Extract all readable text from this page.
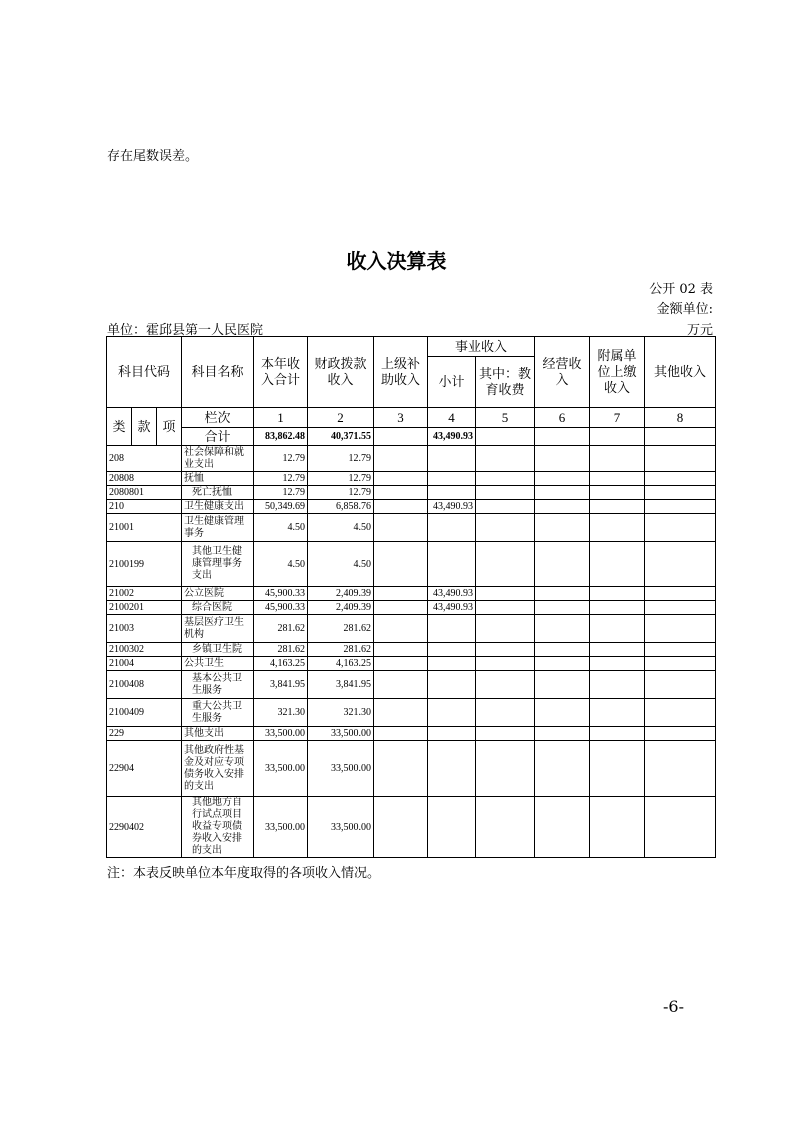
存在尾数误差。
收入决算表
公开 02 表
金额单位:
单位：霍邱县第一人民医院	万元
科目代码			科目名称	本年收入合计	财政拨款收入	上级补助收入	事业收入		经营收入	附属单位上缴收入	其他收入
							小计	其中：教育收费			
类	款	项	栏次	1	2	3	4	5	6	7	8
			合计	83,862.48	40,371.55		43,490.93				
208			社会保障和就业支出	12.79	12.79						
20808			抚恤	12.79	12.79						
2080801			死亡抚恤	12.79	12.79						
210			卫生健康支出	50,349.69	6,858.76		43,490.93				
21001			卫生健康管理事务	4.50	4.50						
2100199			其他卫生健康管理事务支出	4.50	4.50						
21002			公立医院	45,900.33	2,409.39		43,490.93				
2100201			综合医院	45,900.33	2,409.39		43,490.93				
21003			基层医疗卫生机构	281.62	281.62						
2100302			乡镇卫生院	281.62	281.62						
21004			公共卫生	4,163.25	4,163.25						
2100408			基本公共卫生服务	3,841.95	3,841.95						
2100409			重大公共卫生服务	321.30	321.30						
229			其他支出	33,500.00	33,500.00						
22904			其他政府性基金及对应专项债务收入安排的支出	33,500.00	33,500.00						
2290402			其他地方自行试点项目收益专项债券收入安排的支出	33,500.00	33,500.00						
注：本表反映单位本年度取得的各项收入情况。
-6-
